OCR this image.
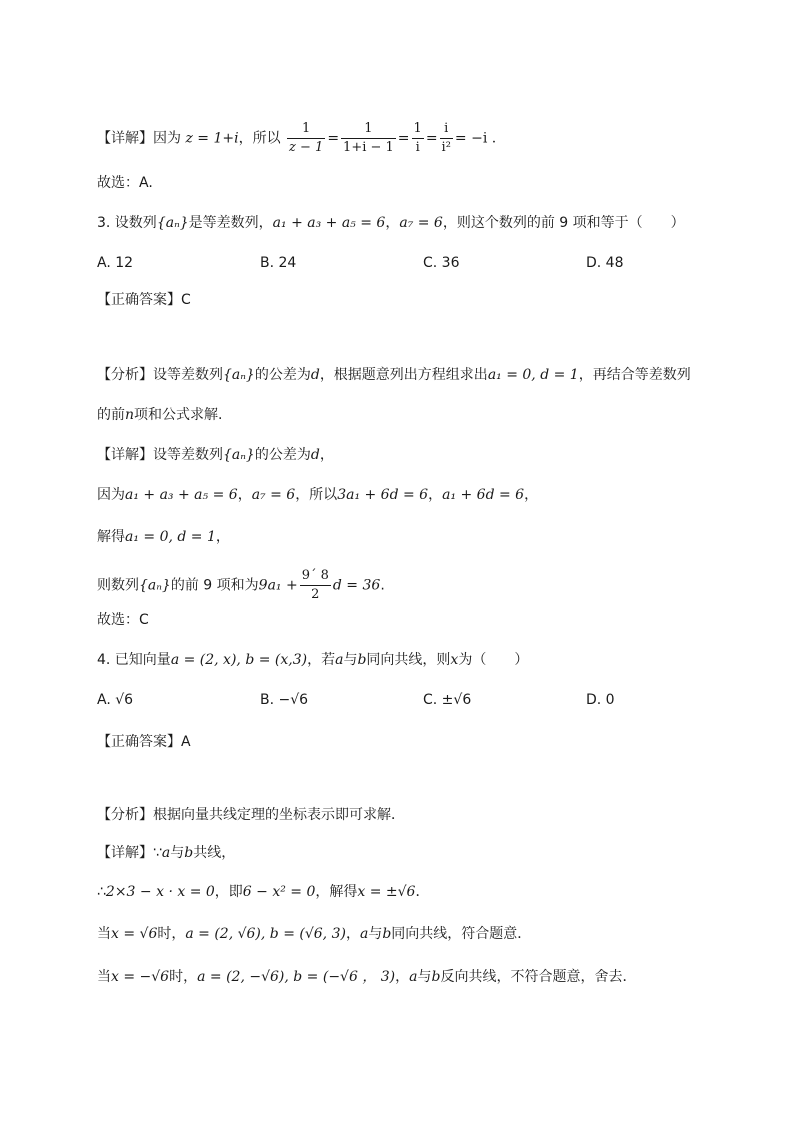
【详解】因为 z = 1+i，所以 $\frac{1}{z - 1} = \frac{1}{1+i - 1} = \frac{1}{i} = \frac{i}{\text{i²}} = -i$ .
故选：A.
3. 设数列{aₙ}是等差数列，a₁ + a₃ + a₅ = 6，a₇ = 6，则这个数列的前 9 项和等于（　　）
A. 12	B. 24	C. 36	D. 48
【正确答案】C
【分析】设等差数列{aₙ}的公差为d，根据题意列出方程组求出a₁ = 0, d = 1，再结合等差数列
的前n项和公式求解.
【详解】设等差数列{aₙ}的公差为d，
因为a₁ + a₃ + a₅ = 6，a₇ = 6，所以3a₁ + 6d = 6，a₁ + 6d = 6，
解得a₁ = 0, d = 1，
则数列{aₙ}的前 9 项和为$9a_1 + \frac{9´ 8}{2}$ d = 36.
故选：C
4. 已知向量a = (2, x), b = (x,3)，若a与b同向共线，则x为（　　）
A. √6	B. −√6	C. ±√6	D. 0
【正确答案】A
【分析】根据向量共线定理的坐标表示即可求解．
【详解】∵a与b共线，
∴2×3 − x · x = 0，即6 − x² = 0，解得x = ±√6．
当x = √6时，a = (2, √6), b = (√6, 3)，a与b同向共线，符合题意．
当x = −√6时，a = (2, −√6), b = (−√6 ， 3)，a与b反向共线，不符合题意，舍去．
